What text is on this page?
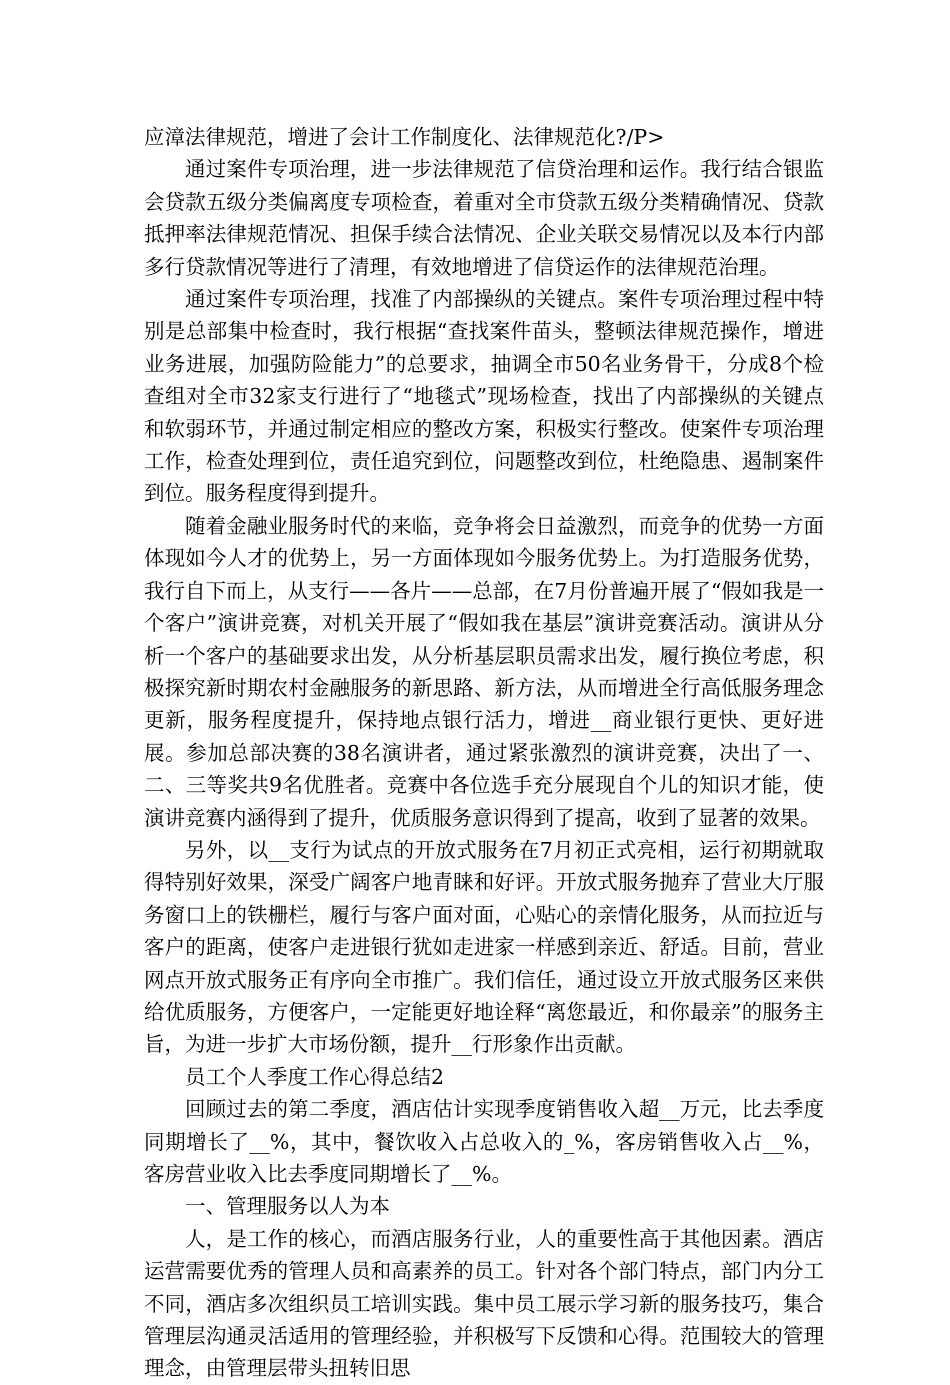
应漳法律规范，增进了会计工作制度化、法律规范化?/P>

通过案件专项治理，进一步法律规范了信贷治理和运作。我行结合银监会贷款五级分类偏离度专项检查，着重对全市贷款五级分类精确情况、贷款抵押率法律规范情况、担保手续合法情况、企业关联交易情况以及本行内部多行贷款情况等进行了清理，有效地增进了信贷运作的法律规范治理。

通过案件专项治理，找准了内部操纵的关键点。案件专项治理过程中特别是总部集中检查时，我行根据“查找案件苗头，整顿法律规范操作，增进业务进展，加强防险能力”的总要求，抽调全市50名业务骨干，分成8个检查组对全市32家支行进行了“地毯式”现场检查，找出了内部操纵的关键点和软弱环节，并通过制定相应的整改方案，积极实行整改。使案件专项治理工作，检查处理到位，责任追究到位，问题整改到位，杜绝隐患、遏制案件到位。服务程度得到提升。

随着金融业服务时代的来临，竞争将会日益激烈，而竞争的优势一方面体现如今人才的优势上，另一方面体现如今服务优势上。为打造服务优势，我行自下而上，从支行——各片——总部，在7月份普遍开展了“假如我是一个客户”演讲竞赛，对机关开展了“假如我在基层”演讲竞赛活动。演讲从分析一个客户的基础要求出发，从分析基层职员需求出发，履行换位考虑，积极探究新时期农村金融服务的新思路、新方法，从而增进全行高低服务理念更新，服务程度提升，保持地点银行活力，增进__商业银行更快、更好进展。参加总部决赛的38名演讲者，通过紧张激烈的演讲竞赛，决出了一、二、三等奖共9名优胜者。竞赛中各位选手充分展现自个儿的知识才能，使演讲竞赛内涵得到了提升，优质服务意识得到了提高，收到了显著的效果。

另外，以__支行为试点的开放式服务在7月初正式亮相，运行初期就取得特别好效果，深受广阔客户地青睐和好评。开放式服务抛弃了营业大厅服务窗口上的铁栅栏，履行与客户面对面，心贴心的亲情化服务，从而拉近与客户的距离，使客户走进银行犹如走进家一样感到亲近、舒适。目前，营业网点开放式服务正有序向全市推广。我们信任，通过设立开放式服务区来供给优质服务，方便客户，一定能更好地诠释“离您最近，和你最亲”的服务主旨，为进一步扩大市场份额，提升__行形象作出贡献。

员工个人季度工作心得总结2

回顾过去的第二季度，酒店估计实现季度销售收入超__万元，比去季度同期增长了__%，其中，餐饮收入占总收入的_%，客房销售收入占__%，客房营业收入比去季度同期增长了__%。

一、管理服务以人为本

人，是工作的核心，而酒店服务行业，人的重要性高于其他因素。酒店运营需要优秀的管理人员和高素养的员工。针对各个部门特点，部门内分工不同，酒店多次组织员工培训实践。集中员工展示学习新的服务技巧，集合管理层沟通灵活适用的管理经验，并积极写下反馈和心得。范围较大的管理理念，由管理层带头扭转旧思
